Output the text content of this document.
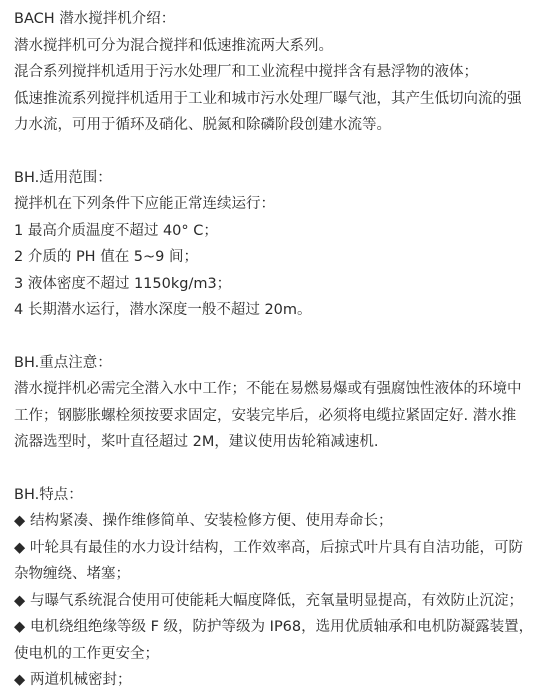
BACH 潜水搅拌机介绍：

潜水搅拌机可分为混合搅拌和低速推流两大系列。

混合系列搅拌机适用于污水处理厂和工业流程中搅拌含有悬浮物的液体；

低速推流系列搅拌机适用于工业和城市污水处理厂曝气池，其产生低切向流的强

力水流，可用于循环及硝化、脱氮和除磷阶段创建水流等。

BH.适用范围：

搅拌机在下列条件下应能正常连续运行：

1 最高介质温度不超过 40° C；

2 介质的 PH 值在 5~9 间；

3 液体密度不超过 1150kg/m3；

4 长期潜水运行，潜水深度一般不超过 20m。

BH.重点注意：

潜水搅拌机必需完全潜入水中工作；不能在易燃易爆或有强腐蚀性液体的环境中

工作；钢膨胀螺栓须按要求固定，安装完毕后，必须将电缆拉紧固定好. 潜水推

流器选型时，桨叶直径超过 2M，建议使用齿轮箱减速机.

BH.特点：

◆ 结构紧凑、操作维修简单、安装检修方便、使用寿命长；

◆ 叶轮具有最佳的水力设计结构，工作效率高，后掠式叶片具有自洁功能，可防

杂物缠绕、堵塞；

◆ 与曝气系统混合使用可使能耗大幅度降低，充氧量明显提高，有效防止沉淀；

◆ 电机绕组绝缘等级 F 级，防护等级为 IP68，选用优质轴承和电机防凝露装置，

使电机的工作更安全；

◆ 两道机械密封；
